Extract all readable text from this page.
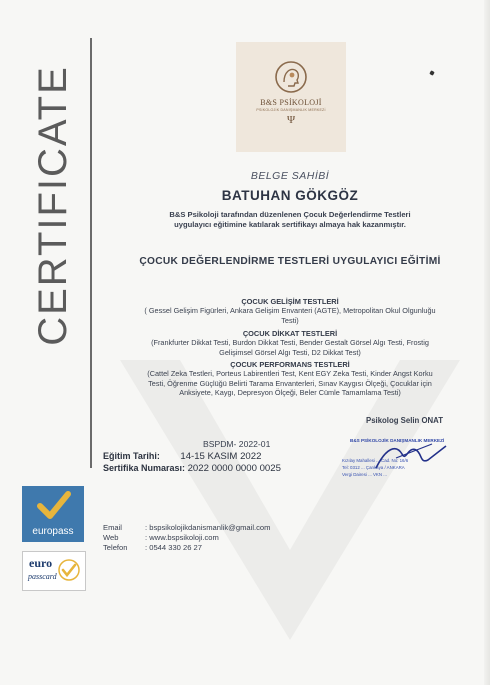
CERTIFICATE	B&S PSİKOLOJİ
PSİKOLOJİK DANIŞMANLIK MERKEZİ
Ψ
BELGE SAHİBİ
BATUHAN GÖKGÖZ
B&S Psikoloji tarafından düzenlenen Çocuk Değerlendirme Testleri
uygulayıcı eğitimine katılarak sertifikayı almaya hak kazanmıştır.
ÇOCUK DEĞERLENDİRME TESTLERİ UYGULAYICI EĞİTİMİ
ÇOCUK GELİŞİM TESTLERİ
( Gessel Gelişim Figürleri, Ankara Gelişim Envanteri (AGTE), Metropolitan Okul Olgunluğu
Testi)
ÇOCUK DİKKAT TESTLERİ
(Frankfurter Dikkat Testi, Burdon Dikkat Testi, Bender Gestalt Görsel Algı Testi, Frostig
Gelişimsel Görsel Algı Testi, D2 Dikkat Test)
ÇOCUK PERFORMANS TESTLERİ
(Cattel Zeka Testleri, Porteus Labirentleri Test, Kent EGY Zeka Testi, Kinder Angst Korku
Testi, Öğrenme Güçlüğü Belirti Tarama Envanterleri, Sınav Kaygısı Ölçeği, Çocuklar için
Anksiyete, Kaygı, Depresyon Ölçeği, Beler Cümle Tamamlama Testi)
BSPDM- 2022-01
Eğitim Tarihi: 14-15 KASIM 2022
Sertifika Numarası: 2022 0000 0000 0025
Psikolog Selin ONAT
B&S PSİKOLOJİK DANIŞMANLIK MERKEZİ
Kızılay Mahallesi ... Cad. No: 16/6
Tel: 0312 ... Çankaya / ANKARA
Vergi Dairesi ... VKN ...
europass
euro
passcard
Email	: bspsikolojikdanismanlik@gmail.com
Web	: www.bspsikoloji.com
Telefon : 0544 330 26 27
